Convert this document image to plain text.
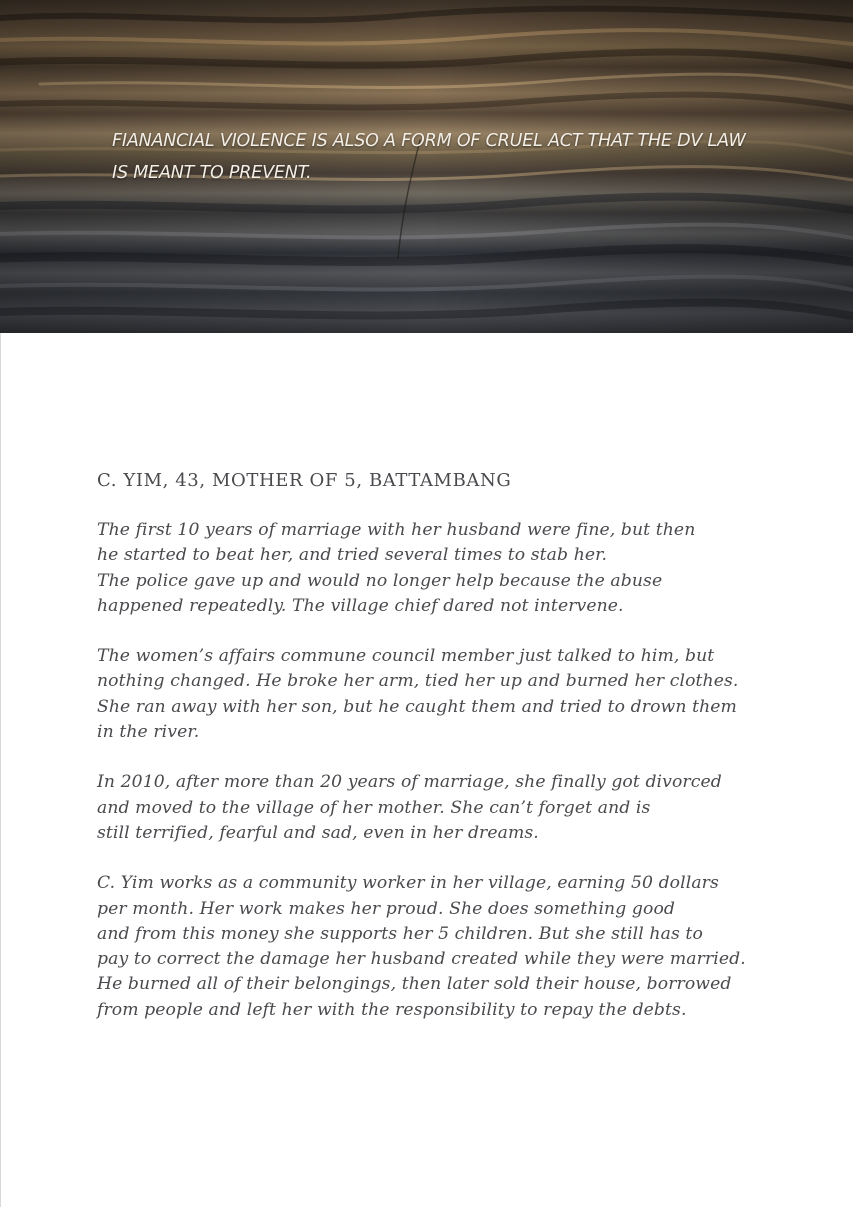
FIANANCIAL VIOLENCE IS ALSO A FORM OF CRUEL ACT THAT THE DV LAW
IS MEANT TO PREVENT.

C. YIM, 43, MOTHER OF 5, BATTAMBANG
The first 10 years of marriage with her husband were fine, but then
he started to beat her, and tried several times to stab her.
The police gave up and would no longer help because the abuse
happened repeatedly. The village chief dared not intervene.
The women’s affairs commune council member just talked to him, but
nothing changed. He broke her arm, tied her up and burned her clothes.
She ran away with her son, but he caught them and tried to drown them
in the river.
In 2010, after more than 20 years of marriage, she finally got divorced
and moved to the village of her mother. She can’t forget and is
still terrified, fearful and sad, even in her dreams.
C. Yim works as a community worker in her village, earning 50 dollars
per month. Her work makes her proud. She does something good
and from this money she supports her 5 children. But she still has to
pay to correct the damage her husband created while they were married.
He burned all of their belongings, then later sold their house, borrowed
from people and left her with the responsibility to repay the debts.
